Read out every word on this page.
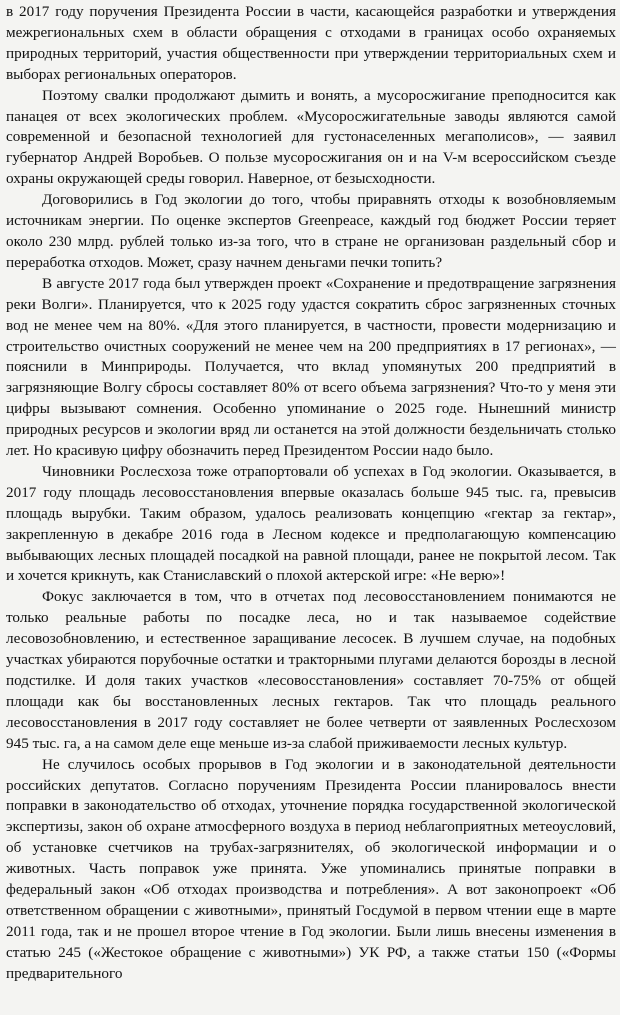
в 2017 году поручения Президента России в части, касающейся разработки и утверждения межрегиональных схем в области обращения с отходами в границах особо охраняемых природных территорий, участия общественности при утверждении территориальных схем и выборах региональных операторов.

Поэтому свалки продолжают дымить и вонять, а мусоросжигание преподносится как панацея от всех экологических проблем. «Мусоросжигательные заводы являются самой современной и безопасной технологией для густонаселенных мегаполисов», — заявил губернатор Андрей Воробьев. О пользе мусоросжигания он и на V-м всероссийском съезде охраны окружающей среды говорил. Наверное, от безысходности.

Договорились в Год экологии до того, чтобы приравнять отходы к возобновляемым источникам энергии. По оценке экспертов Greenpeace, каждый год бюджет России теряет около 230 млрд. рублей только из-за того, что в стране не организован раздельный сбор и переработка отходов. Может, сразу начнем деньгами печки топить?

В августе 2017 года был утвержден проект «Сохранение и предотвращение загрязнения реки Волги». Планируется, что к 2025 году удастся сократить сброс загрязненных сточных вод не менее чем на 80%. «Для этого планируется, в частности, провести модернизацию и строительство очистных сооружений не менее чем на 200 предприятиях в 17 регионах», — пояснили в Минприроды. Получается, что вклад упомянутых 200 предприятий в загрязняющие Волгу сбросы составляет 80% от всего объема загрязнения? Что-то у меня эти цифры вызывают сомнения. Особенно упоминание о 2025 годе. Нынешний министр природных ресурсов и экологии вряд ли останется на этой должности бездельничать столько лет. Но красивую цифру обозначить перед Президентом России надо было.

Чиновники Рослесхоза тоже отрапортовали об успехах в Год экологии. Оказывается, в 2017 году площадь лесовосстановления впервые оказалась больше 945 тыс. га, превысив площадь вырубки. Таким образом, удалось реализовать концепцию «гектар за гектар», закрепленную в декабре 2016 года в Лесном кодексе и предполагающую компенсацию выбывающих лесных площадей посадкой на равной площади, ранее не покрытой лесом. Так и хочется крикнуть, как Станиславский о плохой актерской игре: «Не верю»!

Фокус заключается в том, что в отчетах под лесовосстановлением понимаются не только реальные работы по посадке леса, но и так называемое содействие лесовозобновлению, и естественное заращивание лесосек. В лучшем случае, на подобных участках убираются порубочные остатки и тракторными плугами делаются борозды в лесной подстилке. И доля таких участков «лесовосстановления» составляет 70-75% от общей площади как бы восстановленных лесных гектаров. Так что площадь реального лесовосстановления в 2017 году составляет не более четверти от заявленных Рослесхозом 945 тыс. га, а на самом деле еще меньше из-за слабой приживаемости лесных культур.

Не случилось особых прорывов в Год экологии и в законодательной деятельности российских депутатов. Согласно поручениям Президента России планировалось внести поправки в законодательство об отходах, уточнение порядка государственной экологической экспертизы, закон об охране атмосферного воздуха в период неблагоприятных метеоусловий, об установке счетчиков на трубах-загрязнителях, об экологической информации и о животных. Часть поправок уже принята. Уже упоминались принятые поправки в федеральный закон «Об отходах производства и потребления». А вот законопроект «Об ответственном обращении с животными», принятый Госдумой в первом чтении еще в марте 2011 года, так и не прошел второе чтение в Год экологии. Были лишь внесены изменения в статью 245 («Жестокое обращение с животными») УК РФ, а также статьи 150 («Формы предварительного
